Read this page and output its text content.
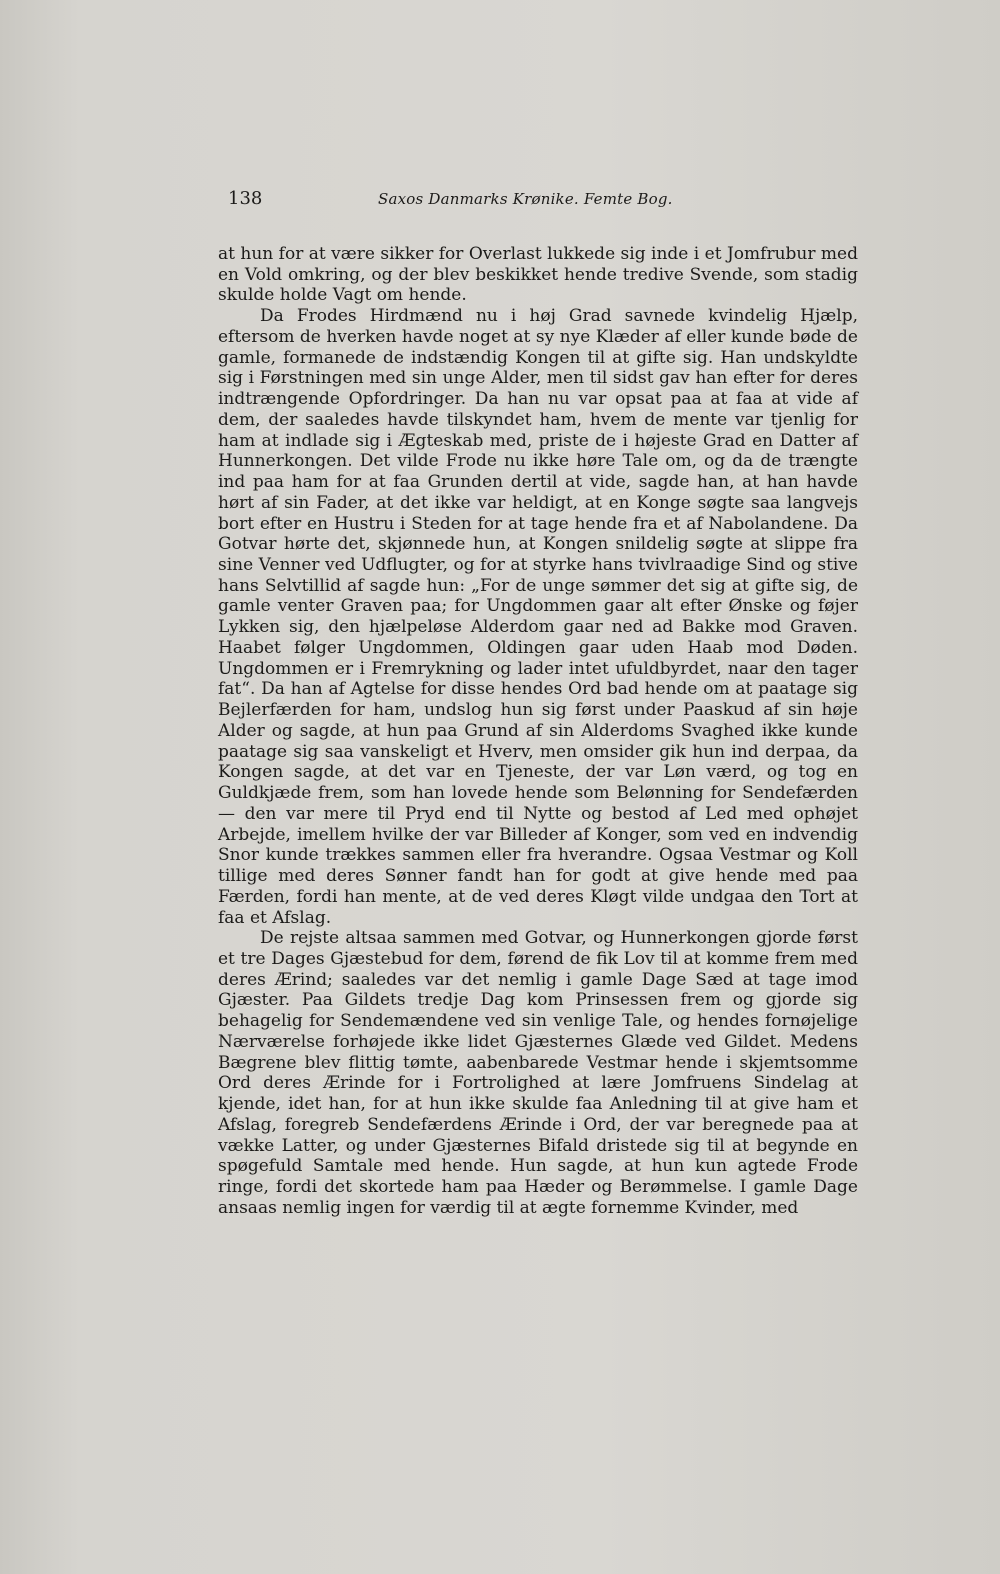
138	Saxos Danmarks Krønike. Femte Bog.

at hun for at være sikker for Overlast lukkede sig inde i et Jomfrubur med en Vold omkring, og der blev beskikket hende tredive Svende, som stadig skulde holde Vagt om hende.

Da Frodes Hirdmænd nu i høj Grad savnede kvindelig Hjælp, eftersom de hverken havde noget at sy nye Klæder af eller kunde bøde de gamle, formanede de indstændig Kongen til at gifte sig. Han undskyldte sig i Førstningen med sin unge Alder, men til sidst gav han efter for deres indtrængende Opfordringer. Da han nu var opsat paa at faa at vide af dem, der saaledes havde tilskyndet ham, hvem de mente var tjenlig for ham at indlade sig i Ægteskab med, priste de i højeste Grad en Datter af Hunnerkongen. Det vilde Frode nu ikke høre Tale om, og da de trængte ind paa ham for at faa Grunden dertil at vide, sagde han, at han havde hørt af sin Fader, at det ikke var heldigt, at en Konge søgte saa langvejs bort efter en Hustru i Steden for at tage hende fra et af Nabolandene. Da Gotvar hørte det, skjønnede hun, at Kongen snildelig søgte at slippe fra sine Venner ved Udflugter, og for at styrke hans tvivlraadige Sind og stive hans Selvtillid af sagde hun: „For de unge sømmer det sig at gifte sig, de gamle venter Graven paa; for Ungdommen gaar alt efter Ønske og føjer Lykken sig, den hjælpeløse Alderdom gaar ned ad Bakke mod Graven. Haabet følger Ungdommen, Oldingen gaar uden Haab mod Døden. Ungdommen er i Fremrykning og lader intet ufuldbyrdet, naar den tager fat“. Da han af Agtelse for disse hendes Ord bad hende om at paatage sig Bejlerfærden for ham, undslog hun sig først under Paaskud af sin høje Alder og sagde, at hun paa Grund af sin Alderdoms Svaghed ikke kunde paatage sig saa vanskeligt et Hverv, men omsider gik hun ind derpaa, da Kongen sagde, at det var en Tjeneste, der var Løn værd, og tog en Guldkjæde frem, som han lovede hende som Belønning for Sendefærden — den var mere til Pryd end til Nytte og bestod af Led med ophøjet Arbejde, imellem hvilke der var Billeder af Konger, som ved en indvendig Snor kunde trækkes sammen eller fra hverandre. Ogsaa Vestmar og Koll tillige med deres Sønner fandt han for godt at give hende med paa Færden, fordi han mente, at de ved deres Kløgt vilde undgaa den Tort at faa et Afslag.

De rejste altsaa sammen med Gotvar, og Hunnerkongen gjorde først et tre Dages Gjæstebud for dem, førend de fik Lov til at komme frem med deres Ærind; saaledes var det nemlig i gamle Dage Sæd at tage imod Gjæster. Paa Gildets tredje Dag kom Prinsessen frem og gjorde sig behagelig for Sendemændene ved sin venlige Tale, og hendes fornøjelige Nærværelse forhøjede ikke lidet Gjæsternes Glæde ved Gildet. Medens Bægrene blev flittig tømte, aabenbarede Vestmar hende i skjemtsomme Ord deres Ærinde for i Fortrolighed at lære Jomfruens Sindelag at kjende, idet han, for at hun ikke skulde faa Anledning til at give ham et Afslag, foregreb Sendefærdens Ærinde i Ord, der var beregnede paa at vække Latter, og under Gjæsternes Bifald dristede sig til at begynde en spøgefuld Samtale med hende. Hun sagde, at hun kun agtede Frode ringe, fordi det skortede ham paa Hæder og Berømmelse. I gamle Dage ansaas nemlig ingen for værdig til at ægte fornemme Kvinder, med
